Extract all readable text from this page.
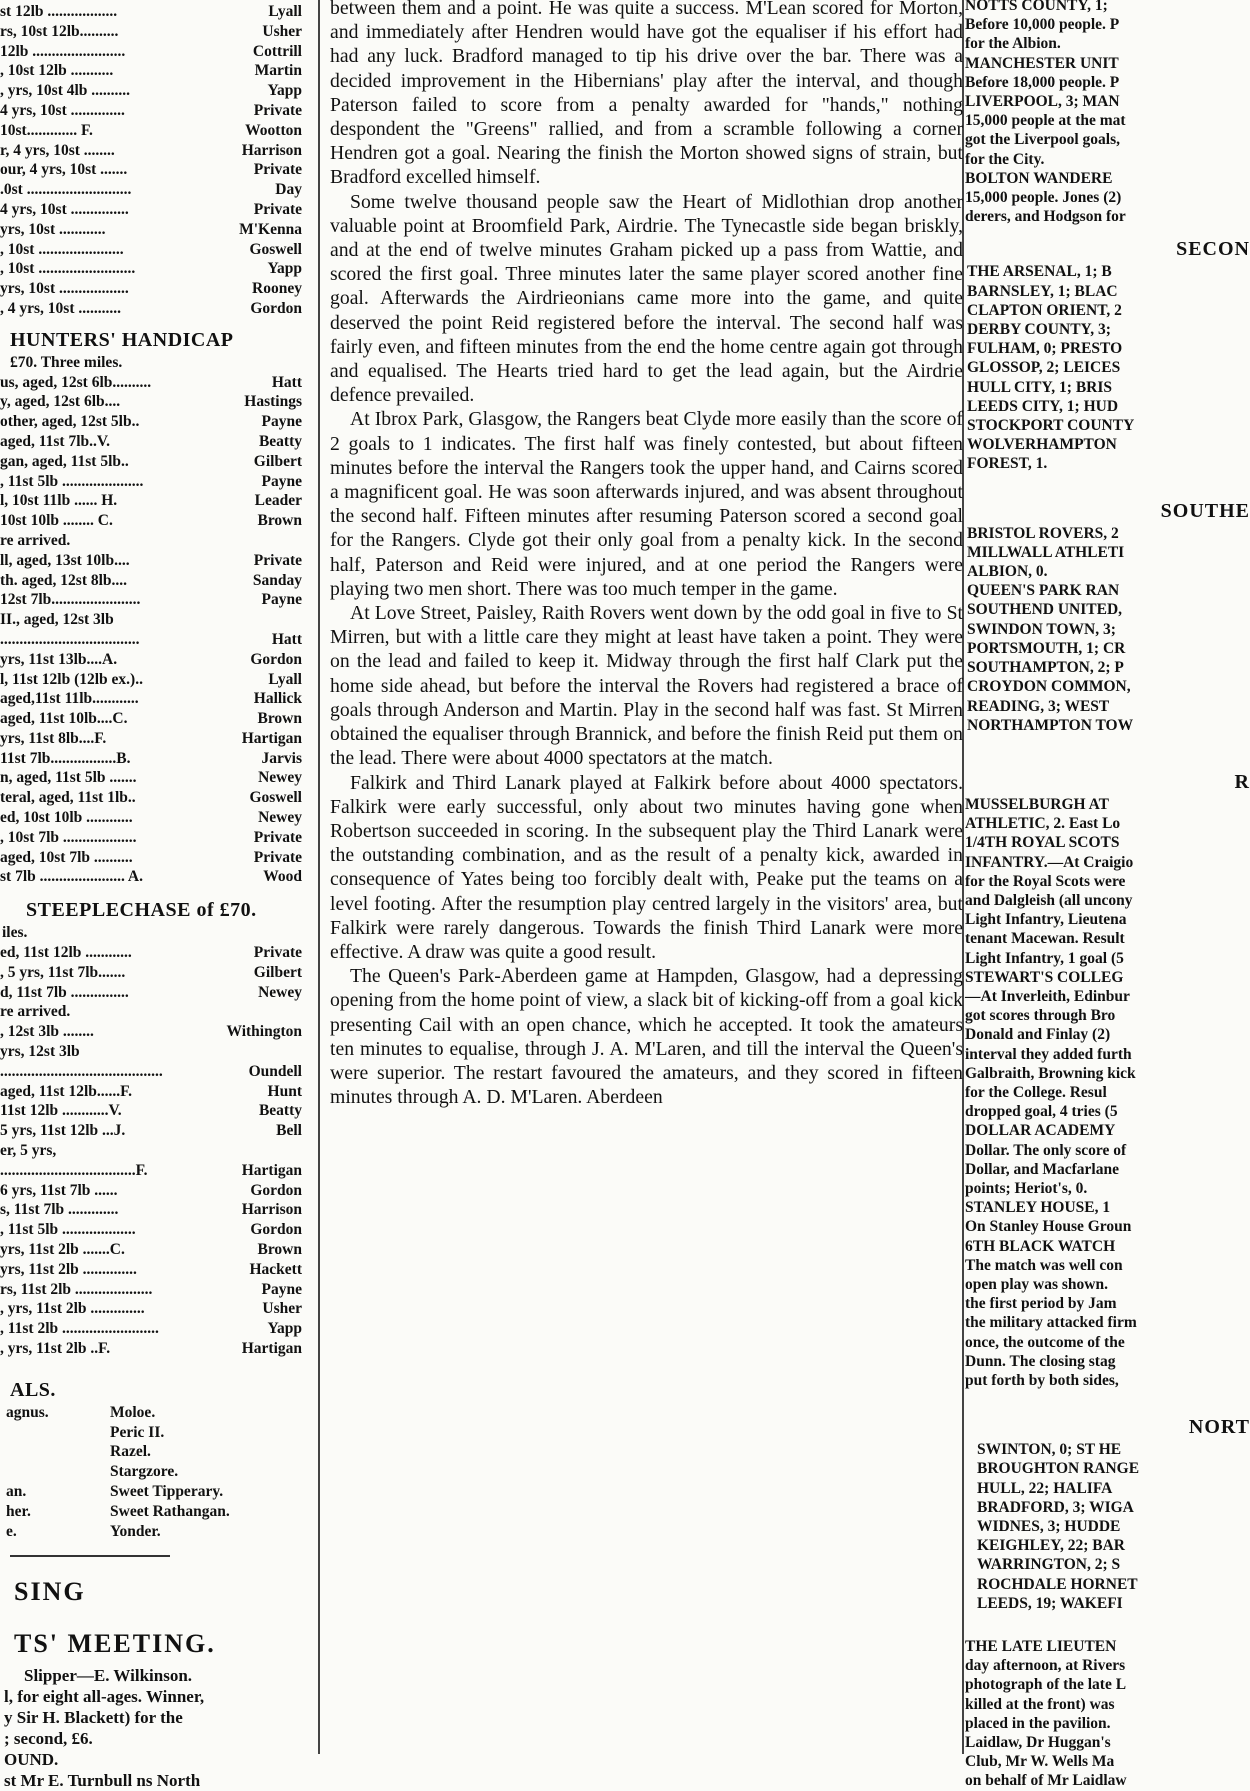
st 12lb ..................	Lyall
rs, 10st 12lb..........	Usher
12lb ........................	Cottrill
, 10st 12lb ...........	Martin
, yrs, 10st 4lb ..........	Yapp
4 yrs, 10st ..............	Private
10st............. F.	Wootton
r, 4 yrs, 10st ........	Harrison
our, 4 yrs, 10st .......	Private
.0st ...........................	Day
4 yrs, 10st ...............	Private
yrs, 10st ............	M'Kenna
, 10st ......................	Goswell
, 10st .........................	Yapp
yrs, 10st ..................	Rooney
, 4 yrs, 10st ...........	Gordon
HUNTERS' HANDICAP
£70. Three miles.
us, aged, 12st 6lb..........	Hatt
y, aged, 12st 6lb....	Hastings
other, aged, 12st 5lb..	Payne
aged, 11st 7lb..V.	Beatty
gan, aged, 11st 5lb..	Gilbert
, 11st 5lb .....................	Payne
l, 10st 11lb ...... H.	Leader
10st 10lb ........ C.	Brown
re arrived.
ll, aged, 13st 10lb....	Private
th. aged, 12st 8lb....	Sanday
12st 7lb.......................	Payne
II., aged, 12st 3lb
....................................	Hatt
yrs, 11st 13lb....A.	Gordon
l, 11st 12lb (12lb ex.)..	Lyall
aged,11st 11lb............	Hallick
aged, 11st 10lb....C.	Brown
yrs, 11st 8lb....F.	Hartigan
11st 7lb.................B.	Jarvis
n, aged, 11st 5lb .......	Newey
teral, aged, 11st 1lb..	Goswell
ed, 10st 10lb ............	Newey
, 10st 7lb ...................	Private
aged, 10st 7lb ..........	Private
st 7lb ...................... A.	Wood
STEEPLECHASE of £70.
iles.
ed, 11st 12lb ............	Private
, 5 yrs, 11st 7lb.......	Gilbert
d, 11st 7lb ...............	Newey
re arrived.
, 12st 3lb ........	Withington
yrs, 12st 3lb
..........................................	Oundell
aged, 11st 12lb......F.	Hunt
11st 12lb ............V.	Beatty
5 yrs, 11st 12lb ...J.	Bell
er, 5 yrs,
...................................F.	Hartigan
6 yrs, 11st 7lb ......	Gordon
s, 11st 7lb .............	Harrison
, 11st 5lb ...................	Gordon
yrs, 11st 2lb .......C.	Brown
yrs, 11st 2lb ..............	Hackett
rs, 11st 2lb ....................	Payne
, yrs, 11st 2lb ..............	Usher
, 11st 2lb .........................	Yapp
, yrs, 11st 2lb ..F.	Hartigan
ALS.
agnus.	Moloe.
Peric II.
Razel.
Stargzore.
an.	Sweet Tipperary.
her.	Sweet Rathangan.
e.	Yonder.
SING
TS' MEETING.
Slipper—E. Wilkinson.
l, for eight all-ages. Winner,
y Sir H. Blackett) for the
; second, £6.
OUND.
st Mr E. Turnbull ns North

between them and a point. He was quite a success. M'Lean scored for Morton, and immediately after Hendren would have got the equaliser if his effort had had any luck. Bradford managed to tip his drive over the bar. There was a decided improvement in the Hibernians' play after the interval, and though Paterson failed to score from a penalty awarded for "hands," nothing despondent the "Greens" rallied, and from a scramble following a corner Hendren got a goal. Nearing the finish the Morton showed signs of strain, but Bradford excelled himself.

Some twelve thousand people saw the Heart of Midlothian drop another valuable point at Broomfield Park, Airdrie. The Tynecastle side began briskly, and at the end of twelve minutes Graham picked up a pass from Wattie, and scored the first goal. Three minutes later the same player scored another fine goal. Afterwards the Airdrieonians came more into the game, and quite deserved the point Reid registered before the interval. The second half was fairly even, and fifteen minutes from the end the home centre again got through and equalised. The Hearts tried hard to get the lead again, but the Airdrie defence prevailed.

At Ibrox Park, Glasgow, the Rangers beat Clyde more easily than the score of 2 goals to 1 indicates. The first half was finely contested, but about fifteen minutes before the interval the Rangers took the upper hand, and Cairns scored a magnificent goal. He was soon afterwards injured, and was absent throughout the second half. Fifteen minutes after resuming Paterson scored a second goal for the Rangers. Clyde got their only goal from a penalty kick. In the second half, Paterson and Reid were injured, and at one period the Rangers were playing two men short. There was too much temper in the game.

At Love Street, Paisley, Raith Rovers went down by the odd goal in five to St Mirren, but with a little care they might at least have taken a point. They were on the lead and failed to keep it. Midway through the first half Clark put the home side ahead, but before the interval the Rovers had registered a brace of goals through Anderson and Martin. Play in the second half was fast. St Mirren obtained the equaliser through Brannick, and before the finish Reid put them on the lead. There were about 4000 spectators at the match.

Falkirk and Third Lanark played at Falkirk before about 4000 spectators. Falkirk were early successful, only about two minutes having gone when Robertson succeeded in scoring. In the subsequent play the Third Lanark were the outstanding combination, and as the result of a penalty kick, awarded in consequence of Yates being too forcibly dealt with, Peake put the teams on a level footing. After the resumption play centred largely in the visitors' area, but Falkirk were rarely dangerous. Towards the finish Third Lanark were more effective. A draw was quite a good result.

The Queen's Park-Aberdeen game at Hampden, Glasgow, had a depressing opening from the home point of view, a slack bit of kicking-off from a goal kick presenting Cail with an open chance, which he accepted. It took the amateurs ten minutes to equalise, through J. A. M'Laren, and till the interval the Queen's were superior. The restart favoured the amateurs, and they scored in fifteen minutes through A. D. M'Laren. Aberdeen

NOTTS COUNTY, 1;
Before 10,000 people. P
for the Albion.
MANCHESTER UNIT
Before 18,000 people. P
LIVERPOOL, 3; MAN
15,000 people at the mat
got the Liverpool goals,
for the City.
BOLTON WANDERE
15,000 people. Jones (2)
derers, and Hodgson for
SECON
THE ARSENAL, 1; B
BARNSLEY, 1; BLAC
CLAPTON ORIENT, 2
DERBY COUNTY, 3;
FULHAM, 0; PRESTO
GLOSSOP, 2; LEICES
HULL CITY, 1; BRIS
LEEDS CITY, 1; HUD
STOCKPORT COUNTY
WOLVERHAMPTON
FOREST, 1.
SOUTHE
BRISTOL ROVERS, 2
MILLWALL ATHLETI
ALBION, 0.
QUEEN'S PARK RAN
SOUTHEND UNITED,
SWINDON TOWN, 3;
PORTSMOUTH, 1; CR
SOUTHAMPTON, 2; P
CROYDON COMMON,
READING, 3; WEST
NORTHAMPTON TOW
R
MUSSELBURGH AT
ATHLETIC, 2. East Lo
1/4TH ROYAL SCOTS
INFANTRY.—At Craigio
for the Royal Scots were
and Dalgleish (all uncony
Light Infantry, Lieutena
tenant Macewan. Result
Light Infantry, 1 goal (5
STEWART'S COLLEG
—At Inverleith, Edinbur
got scores through Bro
Donald and Finlay (2)
interval they added furth
Galbraith, Browning kick
for the College. Resul
dropped goal, 4 tries (5
DOLLAR ACADEMY
Dollar. The only score of
Dollar, and Macfarlane
points; Heriot's, 0.
STANLEY HOUSE, 1
On Stanley House Groun
6TH BLACK WATCH
The match was well con
open play was shown.
the first period by Jam
the military attacked firm
once, the outcome of the
Dunn. The closing stag
put forth by both sides,
NORT
SWINTON, 0; ST HE
BROUGHTON RANGE
HULL, 22; HALIFA
BRADFORD, 3; WIGA
WIDNES, 3; HUDDE
KEIGHLEY, 22; BAR
WARRINGTON, 2; S
ROCHDALE HORNET
LEEDS, 19; WAKEFI
THE LATE LIEUTEN
day afternoon, at Rivers
photograph of the late L
killed at the front) was
placed in the pavilion.
Laidlaw, Dr Huggan's
Club, Mr W. Wells Ma
on behalf of Mr Laidlaw
